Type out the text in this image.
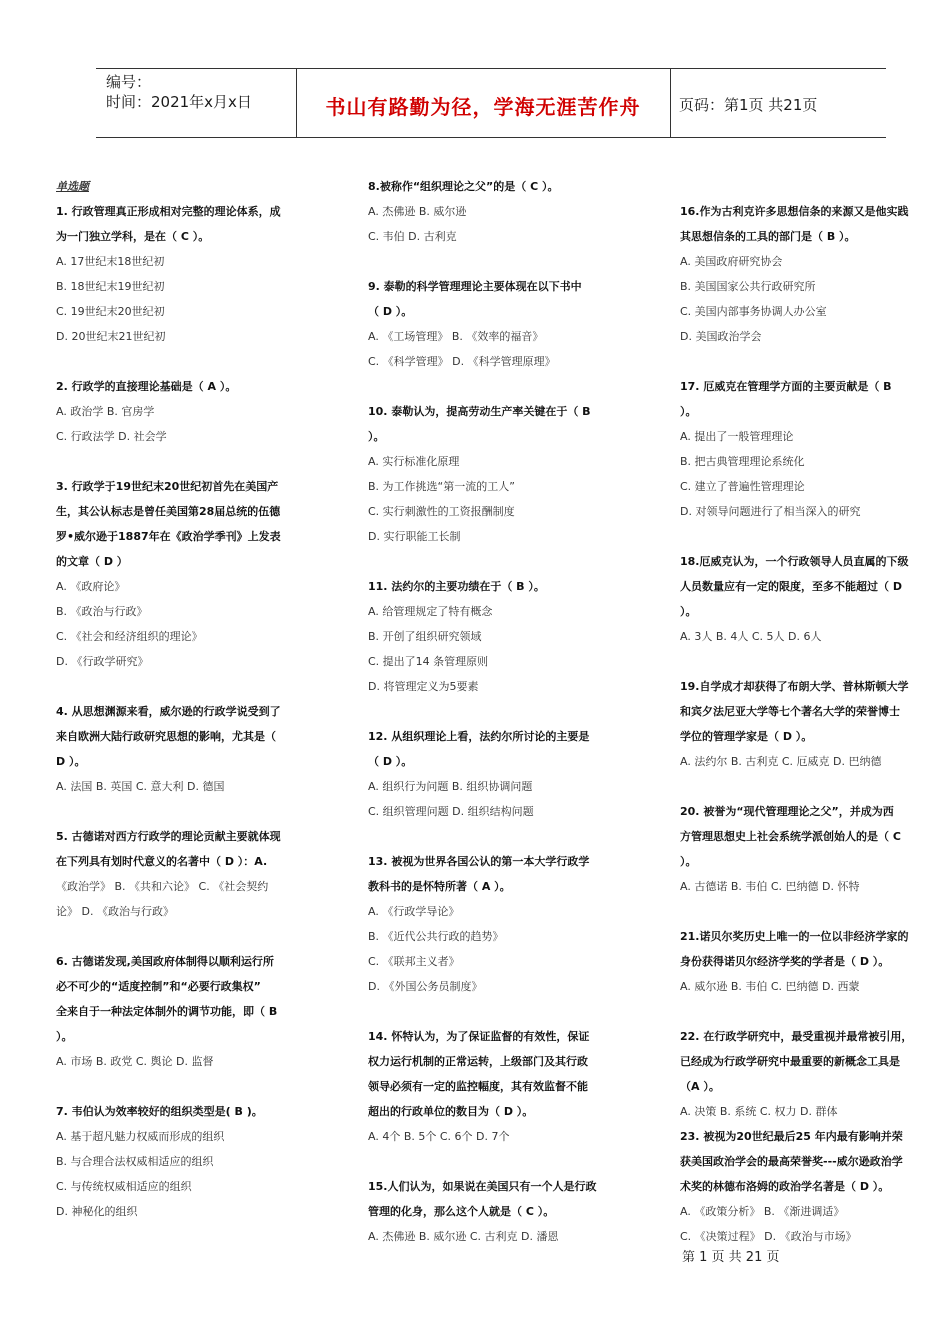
编号：
时间：2021年x月x日	书山有路勤为径，学海无涯苦作舟	页码：第1页 共21页
单选题
1. 行政管理真正形成相对完整的理论体系，成
为一门独立学科，是在（ C ）。
A. 17世纪末18世纪初
B. 18世纪末19世纪初
C. 19世纪末20世纪初
D. 20世纪末21世纪初
2. 行政学的直接理论基础是（ A ）。
A. 政治学 B. 官房学
C. 行政法学 D. 社会学
3. 行政学于19世纪末20世纪初首先在美国产
生，其公认标志是曾任美国第28届总统的伍德
罗•威尔逊于1887年在《政治学季刊》上发表
的文章（ D ）
A. 《政府论》
B. 《政治与行政》
C. 《社会和经济组织的理论》
D. 《行政学研究》
4. 从思想渊源来看，威尔逊的行政学说受到了
来自欧洲大陆行政研究思想的影响，尤其是（
D ）。
A. 法国 B. 英国 C. 意大利 D. 德国
5. 古德诺对西方行政学的理论贡献主要就体现
在下列具有划时代意义的名著中（ D ）：A.
《政治学》 B. 《共和六论》 C. 《社会契约
论》 D. 《政治与行政》
6. 古德诺发现,美国政府体制得以顺利运行所
必不可少的“适度控制”和“必要行政集权”
全来自于一种法定体制外的调节功能，即（ B
）。
A. 市场 B. 政党 C. 舆论 D. 监督
7. 韦伯认为效率较好的组织类型是( B )。
A. 基于超凡魅力权威而形成的组织
B. 与合理合法权威相适应的组织
C. 与传统权威相适应的组织
D. 神秘化的组织
8.被称作“组织理论之父”的是（ C ）。
A. 杰佛逊 B. 威尔逊
C. 韦伯 D. 古利克
9. 泰勒的科学管理理论主要体现在以下书中
（ D ）。
A. 《工场管理》 B. 《效率的福音》
C. 《科学管理》 D. 《科学管理原理》
10. 泰勒认为，提高劳动生产率关键在于（ B
）。
A. 实行标准化原理
B. 为工作挑选“第一流的工人”
C. 实行刺激性的工资报酬制度
D. 实行职能工长制
11. 法约尔的主要功绩在于（ B ）。
A. 给管理规定了特有概念
B. 开创了组织研究领域
C. 提出了14 条管理原则
D. 将管理定义为5要素
12. 从组织理论上看，法约尔所讨论的主要是
（ D ）。
A. 组织行为问题 B. 组织协调问题
C. 组织管理问题 D. 组织结构问题
13. 被视为世界各国公认的第一本大学行政学
教科书的是怀特所著（ A ）。
A. 《行政学导论》
B. 《近代公共行政的趋势》
C. 《联邦主义者》
D. 《外国公务员制度》
14. 怀特认为，为了保证监督的有效性，保证
权力运行机制的正常运转，上级部门及其行政
领导必须有一定的监控幅度，其有效监督不能
超出的行政单位的数目为（ D ）。
A. 4个 B. 5个 C. 6个 D. 7个
15.人们认为，如果说在美国只有一个人是行政
管理的化身，那么这个人就是（ C ）。
A. 杰佛逊 B. 威尔逊 C. 古利克 D. 潘恩
16.作为古利克许多思想信条的来源又是他实践
其思想信条的工具的部门是（ B ）。
A. 美国政府研究协会
B. 美国国家公共行政研究所
C. 美国内部事务协调人办公室
D. 美国政治学会
17. 厄威克在管理学方面的主要贡献是（ B
）。
A. 提出了一般管理理论
B. 把古典管理理论系统化
C. 建立了普遍性管理理论
D. 对领导问题进行了相当深入的研究
18.厄威克认为，一个行政领导人员直属的下级
人员数量应有一定的限度，至多不能超过（ D
）。
A. 3人 B. 4人 C. 5人 D. 6人
19.自学成才却获得了布朗大学、普林斯顿大学
和宾夕法尼亚大学等七个著名大学的荣誉博士
学位的管理学家是（ D ）。
A. 法约尔 B. 古利克 C. 厄威克 D. 巴纳德
20. 被誉为“现代管理理论之父”，并成为西
方管理思想史上社会系统学派创始人的是（ C
）。
A. 古德诺 B. 韦伯 C. 巴纳德 D. 怀特
21.诺贝尔奖历史上唯一的一位以非经济学家的
身份获得诺贝尔经济学奖的学者是（ D ）。
A. 威尔逊 B. 韦伯 C. 巴纳德 D. 西蒙
22. 在行政学研究中，最受重视并最常被引用，
已经成为行政学研究中最重要的新概念工具是
（A ）。
A. 决策 B. 系统 C. 权力 D. 群体
23. 被视为20世纪最后25 年内最有影响并荣
获美国政治学会的最高荣誉奖---威尔逊政治学
术奖的林德布洛姆的政治学名著是（ D ）。
A. 《政策分析》 B. 《渐进调适》
C. 《决策过程》 D. 《政治与市场》
第 1 页 共 21 页
